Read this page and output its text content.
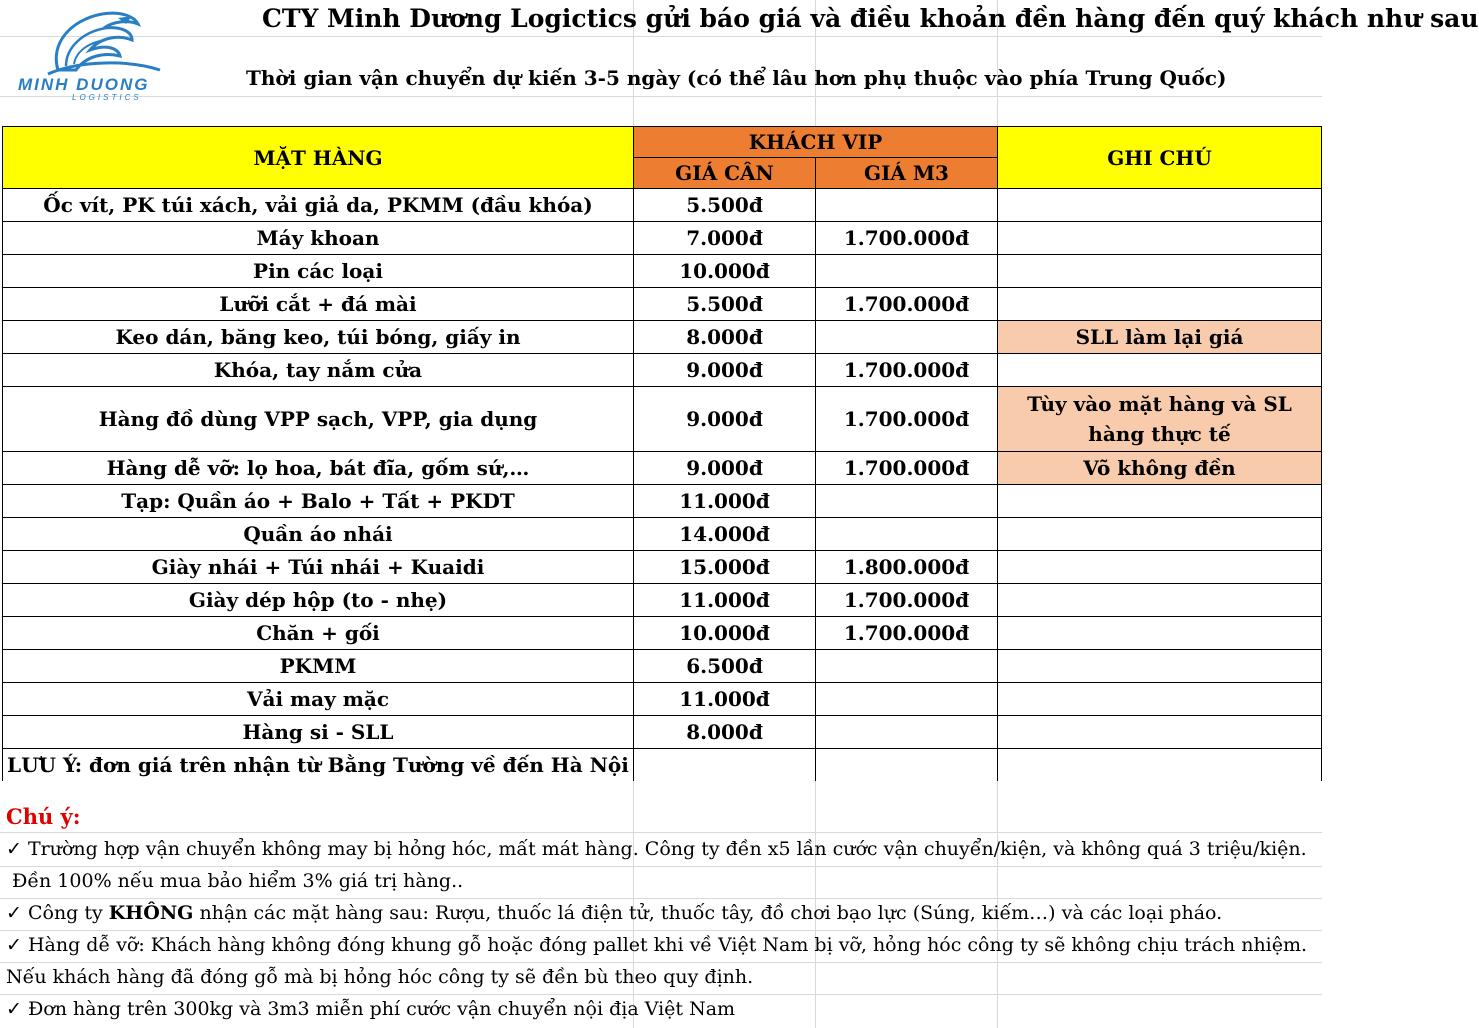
MINH DUONG
LOGISTICS
CTY Minh Dương Logictics gửi báo giá và điều khoản đền hàng đến quý khách như sau
Thời gian vận chuyển dự kiến 3-5 ngày (có thể lâu hơn phụ thuộc vào phía Trung Quốc)
MẶT HÀNG	KHÁCH VIP		GHI CHÚ
	GIÁ CÂN	GIÁ M3	
Ốc vít, PK túi xách, vải giả da, PKMM (đầu khóa)	5.500đ		
Máy khoan	7.000đ	1.700.000đ	
Pin các loại	10.000đ		
Lưỡi cắt + đá mài	5.500đ	1.700.000đ	
Keo dán, băng keo, túi bóng, giấy in	8.000đ		SLL làm lại giá
Khóa, tay nắm cửa	9.000đ	1.700.000đ	
Hàng đồ dùng VPP sạch, VPP, gia dụng	9.000đ	1.700.000đ	Tùy vào mặt hàng và SL hàng thực tế
Hàng dễ vỡ: lọ hoa, bát đĩa, gốm sứ,…	9.000đ	1.700.000đ	Võ không đền
Tạp: Quần áo + Balo + Tất + PKDT	11.000đ		
Quần áo nhái	14.000đ		
Giày nhái + Túi nhái + Kuaidi	15.000đ	1.800.000đ	
Giày dép hộp (to - nhẹ)	11.000đ	1.700.000đ	
Chăn + gối	10.000đ	1.700.000đ	
PKMM	6.500đ		
Vải may mặc	11.000đ		
Hàng si - SLL	8.000đ		
LƯU Ý: đơn giá trên nhận từ Bằng Tường về đến Hà Nội			
Chú ý:
✓ Trường hợp vận chuyển không may bị hỏng hóc, mất mát hàng. Công ty đền x5 lần cước vận chuyển/kiện, và không quá 3 triệu/kiện.
Đền 100% nếu mua bảo hiểm 3% giá trị hàng..
✓ Công ty KHÔNG nhận các mặt hàng sau: Rượu, thuốc lá điện tử, thuốc tây, đồ chơi bạo lực (Súng, kiếm…) và các loại pháo.
✓ Hàng dễ vỡ: Khách hàng không đóng khung gỗ hoặc đóng pallet khi về Việt Nam bị vỡ, hỏng hóc công ty sẽ không chịu trách nhiệm.
Nếu khách hàng đã đóng gỗ mà bị hỏng hóc công ty sẽ đền bù theo quy định.
✓ Đơn hàng trên 300kg và 3m3 miễn phí cước vận chuyển nội địa Việt Nam
